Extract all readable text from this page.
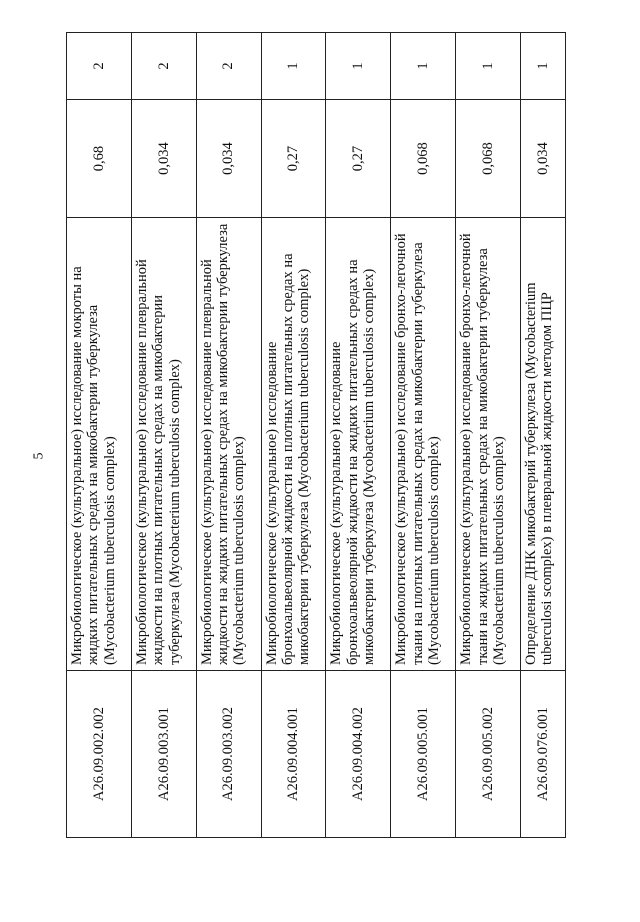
5
A26.09.002.002	Микробиологическое (культуральное) исследование мокроты на жидких питательных средах на микобактерии туберкулеза (Mycobacterium tuberculosis complex)	0,68	2
A26.09.003.001	Микробиологическое (культуральное) исследование плевральной жидкости на плотных питательных средах на микобактерии туберкулеза (Mycobacterium tuberculosis complex)	0,034	2
A26.09.003.002	Микробиологическое (культуральное) исследование плевральной жидкости на жидких питательных средах на микобактерии туберкулеза (Mycobacterium tuberculosis complex)	0,034	2
A26.09.004.001	Микробиологическое (культуральное) исследование бронхоальвеолярной жидкости на плотных питательных средах на микобактерии туберкулеза (Mycobacterium tuberculosis complex)	0,27	1
A26.09.004.002	Микробиологическое (культуральное) исследование бронхоальвеолярной жидкости на жидких питательных средах на микобактерии туберкулеза (Mycobacterium tuberculosis complex)	0,27	1
A26.09.005.001	Микробиологическое (культуральное) исследование бронхо-легочной ткани на плотных питательных средах на микобактерии туберкулеза (Mycobacterium tuberculosis complex)	0,068	1
A26.09.005.002	Микробиологическое (культуральное) исследование бронхо-легочной ткани на жидких питательных средах на микобактерии туберкулеза (Mycobacterium tuberculosis complex)	0,068	1
A26.09.076.001	Определение ДНК микобактерий туберкулеза (Mycobacterium tuberculosi scomplex) в плевральной жидкости методом ПЦР	0,034	1
